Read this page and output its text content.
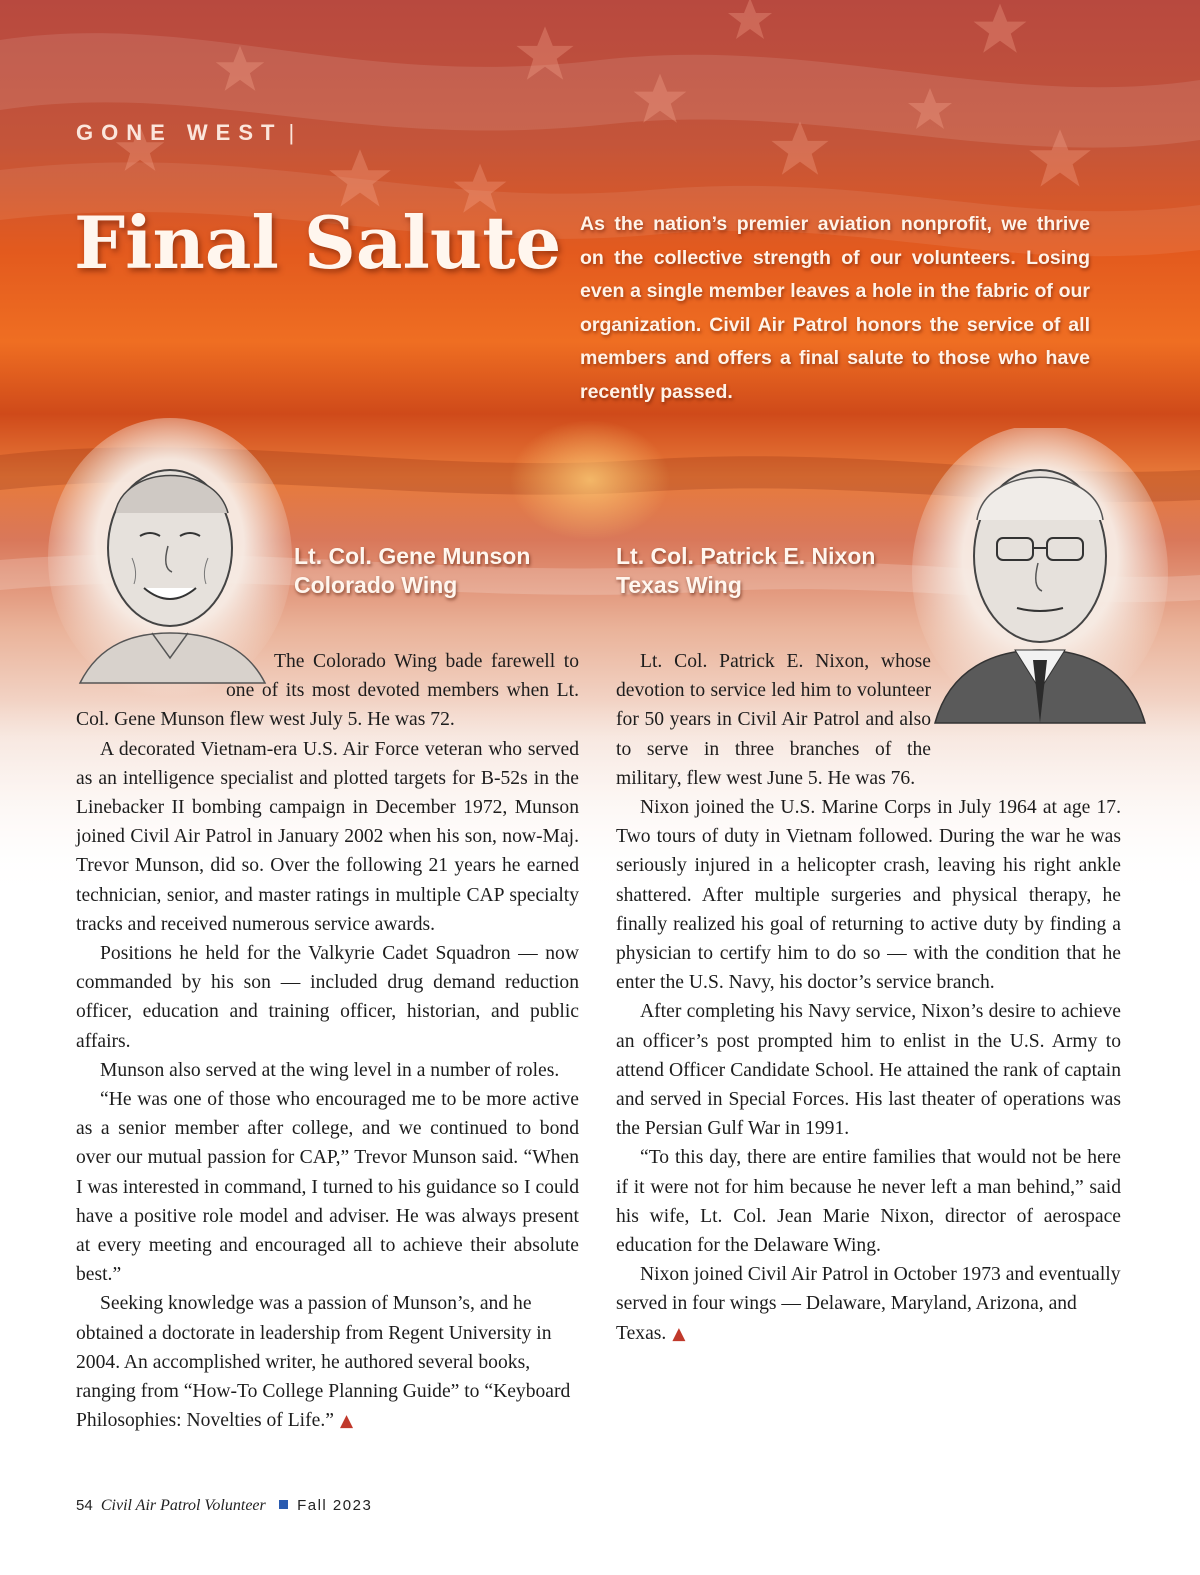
GONE WEST |
Final Salute As the nation’s premier aviation nonprofit, we thrive on the collective strength of our volunteers. Losing even a single member leaves a hole in the fabric of our organization. Civil Air Patrol honors the service of all members and offers a final salute to those who have recently passed.
Lt. Col. Gene Munson
Colorado Wing
Lt. Col. Patrick E. Nixon
Texas Wing

The Colorado Wing bade farewell to one of its most devoted members when Lt. Col. Gene Munson flew west July 5. He was 72.

A decorated Vietnam-era U.S. Air Force veteran who served as an intelligence specialist and plotted targets for B-52s in the Linebacker II bombing campaign in December 1972, Munson joined Civil Air Patrol in January 2002 when his son, now-Maj. Trevor Munson, did so. Over the following 21 years he earned technician, senior, and master ratings in multiple CAP specialty tracks and received numerous service awards.

Positions he held for the Valkyrie Cadet Squadron — now commanded by his son — included drug demand reduction officer, education and training officer, historian, and public affairs.

Munson also served at the wing level in a number of roles.

“He was one of those who encouraged me to be more active as a senior member after college, and we continued to bond over our mutual passion for CAP,” Trevor Munson said. “When I was interested in command, I turned to his guidance so I could have a positive role model and adviser. He was always present at every meeting and encouraged all to achieve their absolute best.”

Seeking knowledge was a passion of Munson’s, and he obtained a doctorate in leadership from Regent University in 2004. An accomplished writer, he authored several books, ranging from “How-To College Planning Guide” to “Keyboard Philosophies: Novelties of Life.” ▲

Lt. Col. Patrick E. Nixon, whose devotion to service led him to volunteer for 50 years in Civil Air Patrol and also to serve in three branches of the military, flew west June 5. He was 76.

Nixon joined the U.S. Marine Corps in July 1964 at age 17. Two tours of duty in Vietnam followed. During the war he was seriously injured in a helicopter crash, leaving his right ankle shattered. After multiple surgeries and physical therapy, he finally realized his goal of returning to active duty by finding a physician to certify him to do so — with the condition that he enter the U.S. Navy, his doctor’s service branch.

After completing his Navy service, Nixon’s desire to achieve an officer’s post prompted him to enlist in the U.S. Army to attend Officer Candidate School. He attained the rank of captain and served in Special Forces. His last theater of operations was the Persian Gulf War in 1991.

“To this day, there are entire families that would not be here if it were not for him because he never left a man behind,” said his wife, Lt. Col. Jean Marie Nixon, director of aerospace education for the Delaware Wing.

Nixon joined Civil Air Patrol in October 1973 and eventually served in four wings — Delaware, Maryland, Arizona, and Texas. ▲

54 Civil Air Patrol Volunteer Fall 2023
